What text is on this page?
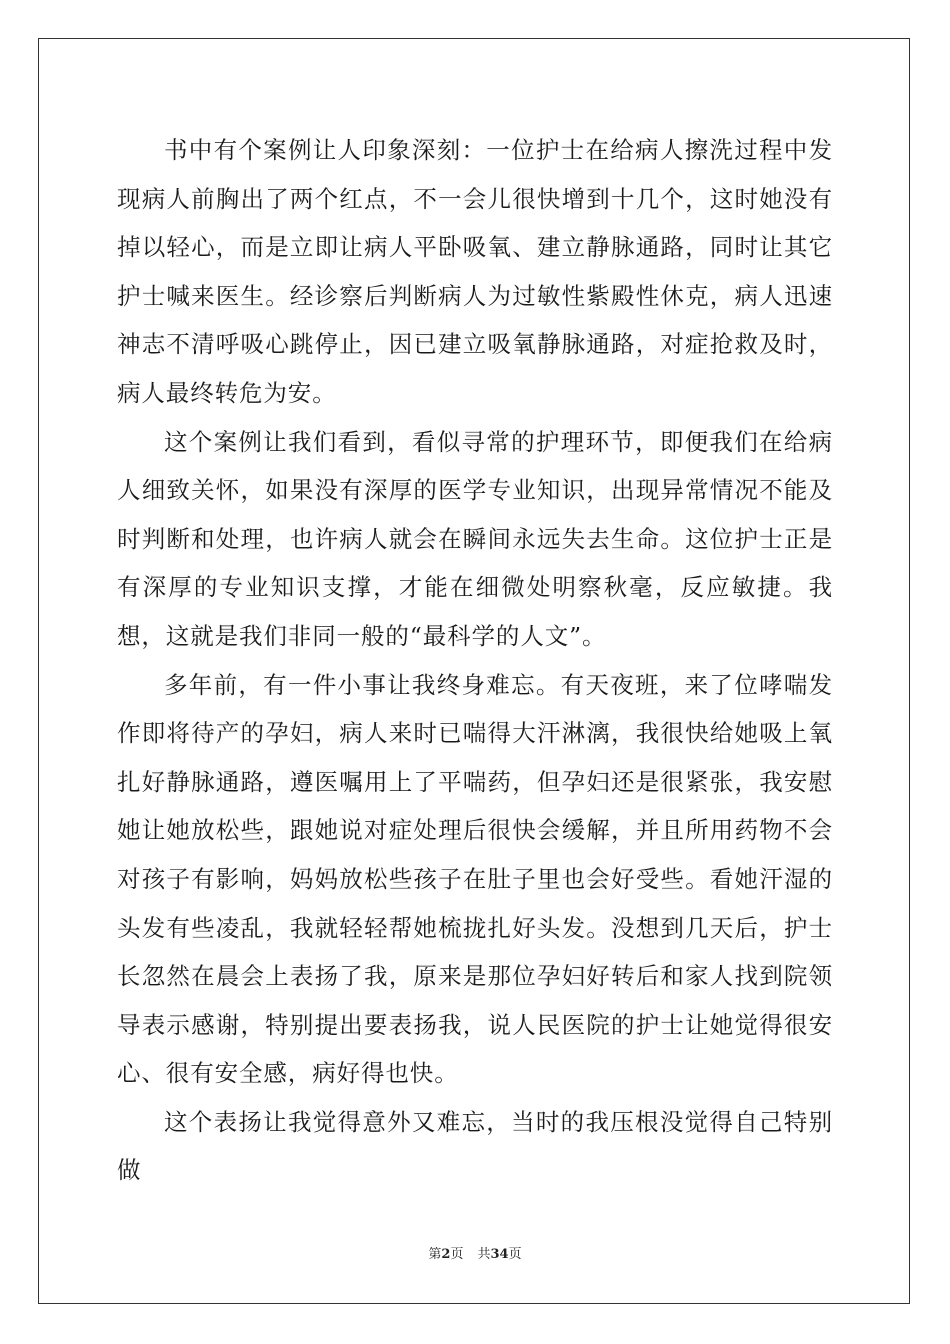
书中有个案例让人印象深刻：一位护士在给病人擦洗过程中发现病人前胸出了两个红点，不一会儿很快增到十几个，这时她没有掉以轻心，而是立即让病人平卧吸氧、建立静脉通路，同时让其它护士喊来医生。经诊察后判断病人为过敏性紫殿性休克，病人迅速神志不清呼吸心跳停止，因已建立吸氧静脉通路，对症抢救及时，病人最终转危为安。

这个案例让我们看到，看似寻常的护理环节，即便我们在给病人细致关怀，如果没有深厚的医学专业知识，出现异常情况不能及时判断和处理，也许病人就会在瞬间永远失去生命。这位护士正是有深厚的专业知识支撑，才能在细微处明察秋毫，反应敏捷。我想，这就是我们非同一般的“最科学的人文”。

多年前，有一件小事让我终身难忘。有天夜班，来了位哮喘发作即将待产的孕妇，病人来时已喘得大汗淋漓，我很快给她吸上氧扎好静脉通路，遵医嘱用上了平喘药，但孕妇还是很紧张，我安慰她让她放松些，跟她说对症处理后很快会缓解，并且所用药物不会对孩子有影响，妈妈放松些孩子在肚子里也会好受些。看她汗湿的头发有些凌乱，我就轻轻帮她梳拢扎好头发。没想到几天后，护士长忽然在晨会上表扬了我，原来是那位孕妇好转后和家人找到院领导表示感谢，特别提出要表扬我，说人民医院的护士让她觉得很安心、很有安全感，病好得也快。

这个表扬让我觉得意外又难忘，当时的我压根没觉得自己特别做

第2页 共34页
